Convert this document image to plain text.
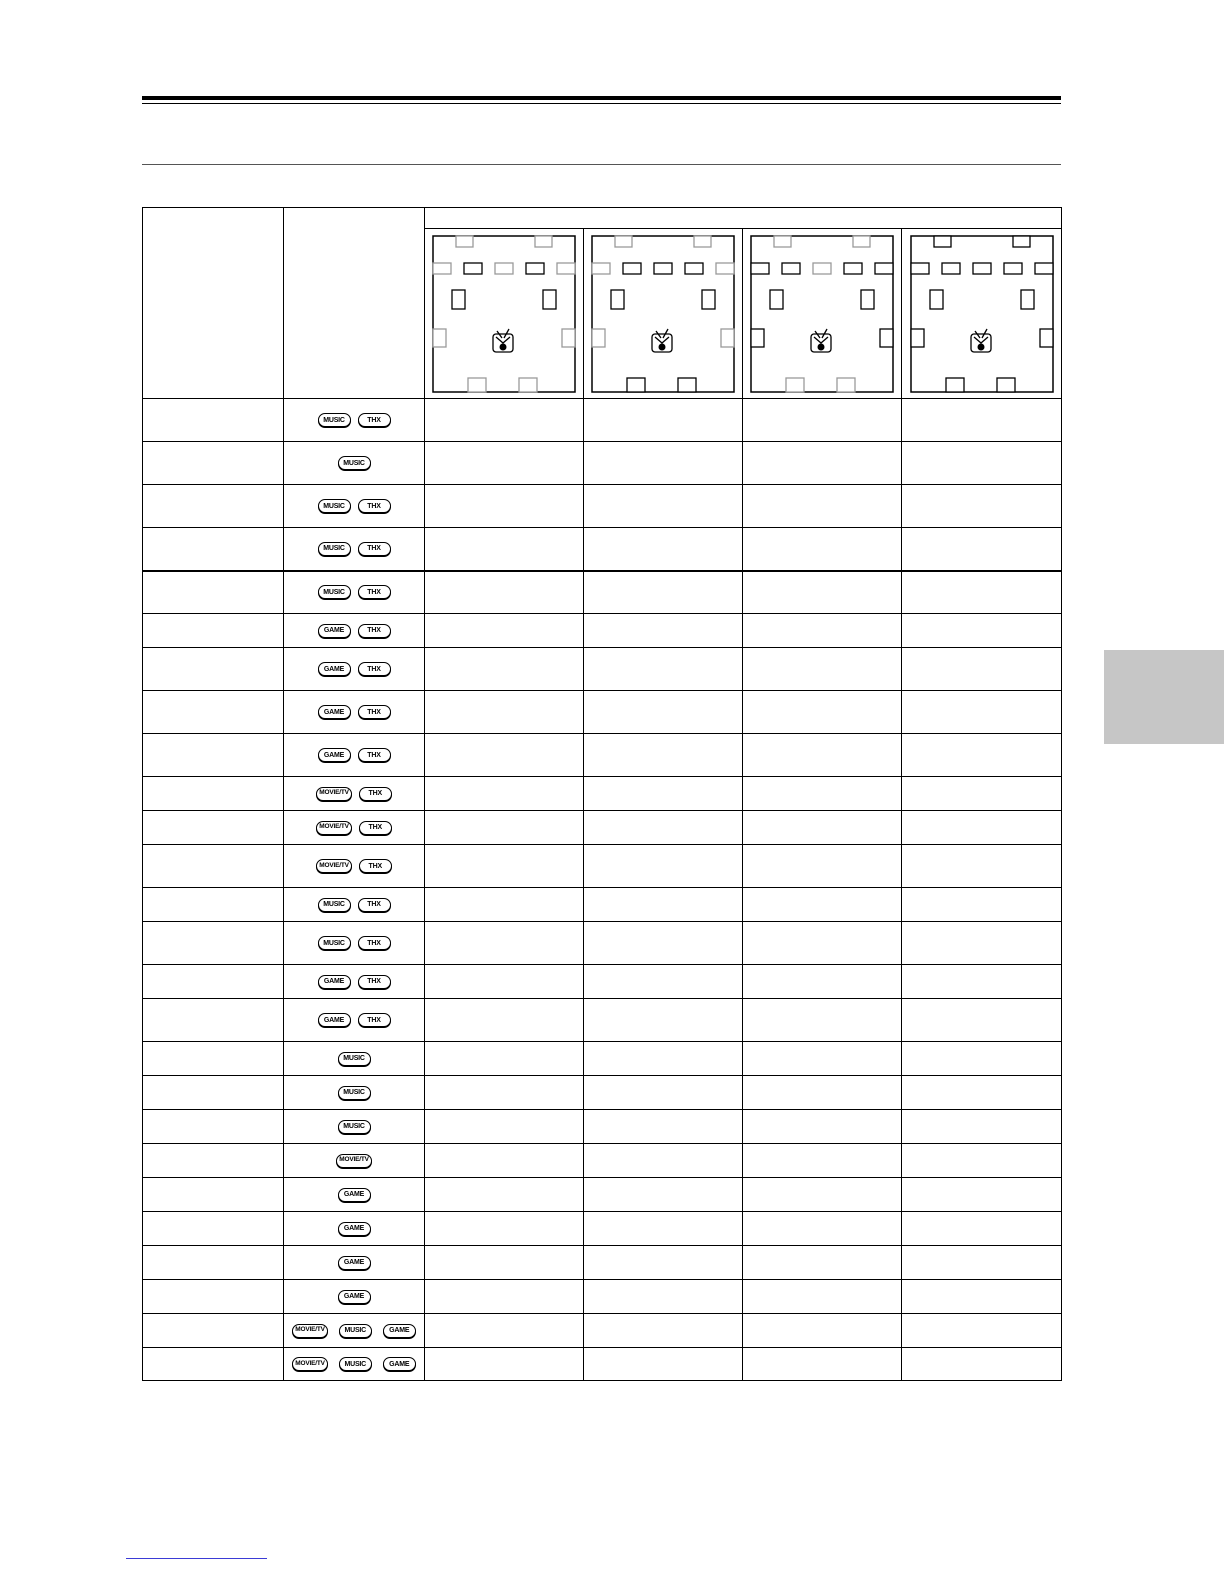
MUSIC THX				

MUSIC				

MUSIC THX				

MUSIC THX				

MUSIC THX				

GAME THX				

GAME THX				

GAME THX				

GAME THX				

MOVIE/TV THX				

MOVIE/TV THX				

MOVIE/TV THX				

MUSIC THX				

MUSIC THX				

GAME THX				

GAME THX				

MUSIC				

MUSIC				

MUSIC				

MOVIE/TV				

GAME				

GAME				

GAME				

GAME				

MOVIE/TV MUSIC GAME				

MOVIE/TV MUSIC GAME				
